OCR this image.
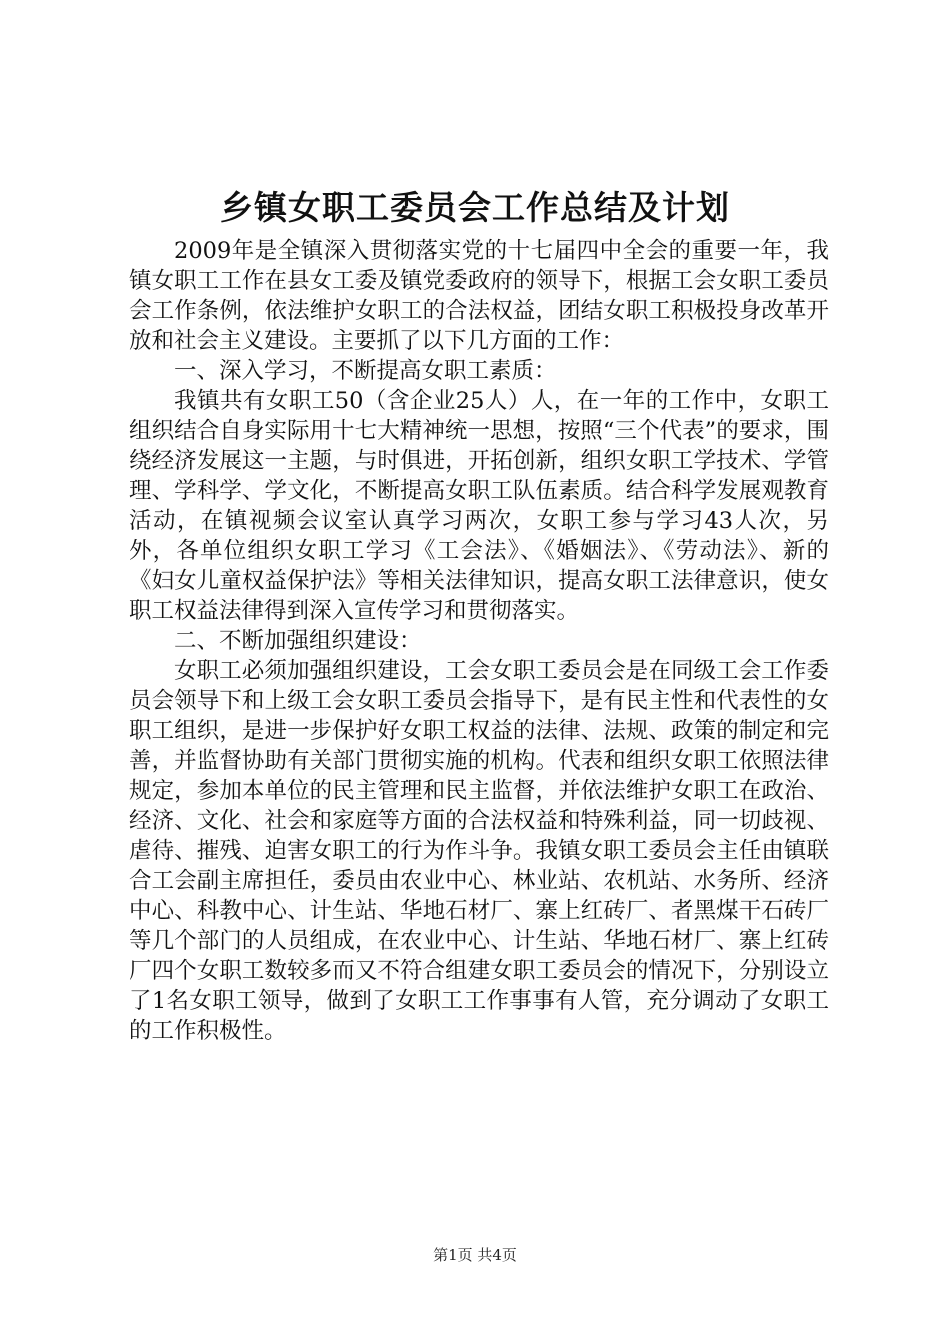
乡镇女职工委员会工作总结及计划

2009年是全镇深入贯彻落实党的十七届四中全会的重要一年，我镇女职工工作在县女工委及镇党委政府的领导下，根据工会女职工委员会工作条例，依法维护女职工的合法权益，团结女职工积极投身改革开放和社会主义建设。主要抓了以下几方面的工作：

一、深入学习，不断提高女职工素质：

我镇共有女职工50（含企业25人）人，在一年的工作中，女职工组织结合自身实际用十七大精神统一思想，按照“三个代表”的要求，围绕经济发展这一主题，与时俱进，开拓创新，组织女职工学技术、学管理、学科学、学文化，不断提高女职工队伍素质。结合科学发展观教育活动，在镇视频会议室认真学习两次，女职工参与学习43人次，另外，各单位组织女职工学习《工会法》、《婚姻法》、《劳动法》、新的《妇女儿童权益保护法》等相关法律知识，提高女职工法律意识，使女职工权益法律得到深入宣传学习和贯彻落实。

二、不断加强组织建设：

女职工必须加强组织建设，工会女职工委员会是在同级工会工作委员会领导下和上级工会女职工委员会指导下，是有民主性和代表性的女职工组织，是进一步保护好女职工权益的法律、法规、政策的制定和完善，并监督协助有关部门贯彻实施的机构。代表和组织女职工依照法律规定，参加本单位的民主管理和民主监督，并依法维护女职工在政治、经济、文化、社会和家庭等方面的合法权益和特殊利益，同一切歧视、虐待、摧残、迫害女职工的行为作斗争。我镇女职工委员会主任由镇联合工会副主席担任，委员由农业中心、林业站、农机站、水务所、经济中心、科教中心、计生站、华地石材厂、寨上红砖厂、者黑煤干石砖厂等几个部门的人员组成，在农业中心、计生站、华地石材厂、寨上红砖厂四个女职工数较多而又不符合组建女职工委员会的情况下，分别设立了1名女职工领导，做到了女职工工作事事有人管，充分调动了女职工的工作积极性。

第1页 共4页
